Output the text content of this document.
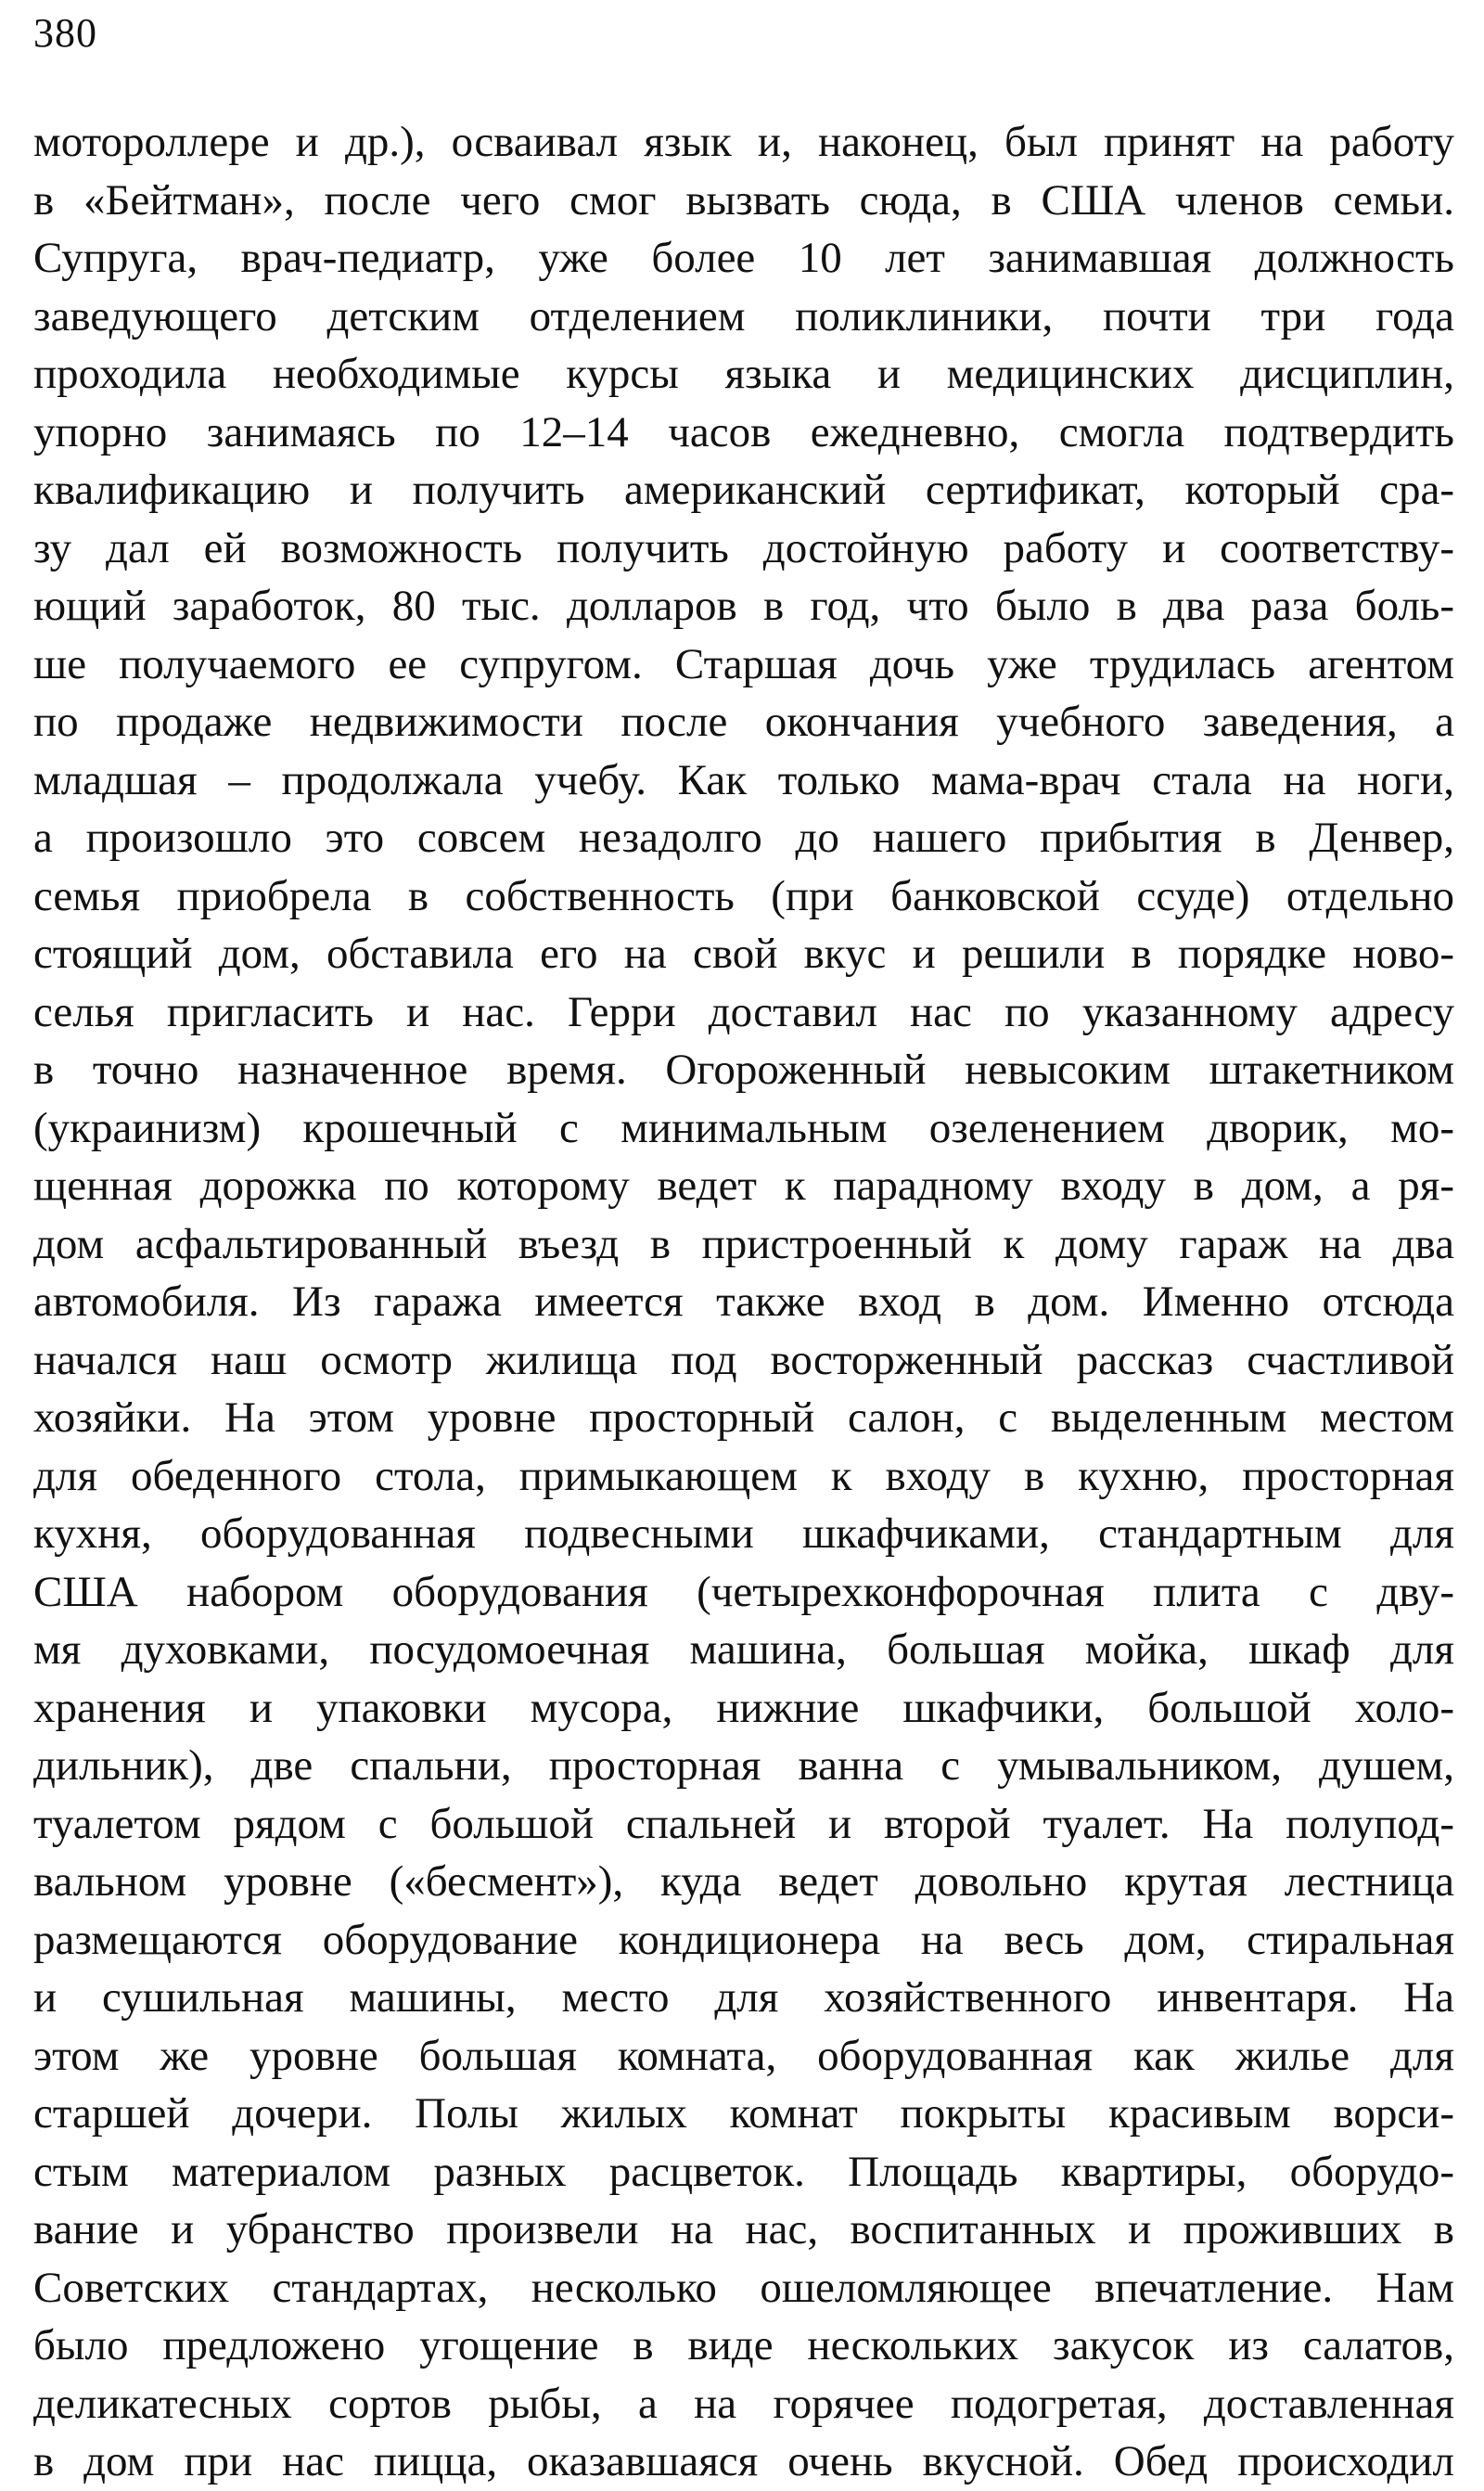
380
мотороллере и др.), осваивал язык и, наконец, был принят на работу
в «Бейтман», после чего смог вызвать сюда, в США членов семьи.
Супруга, врач-педиатр, уже более 10 лет занимавшая должность
заведующего детским отделением поликлиники, почти три года
проходила необходимые курсы языка и медицинских дисциплин,
упорно занимаясь по 12–14 часов ежедневно, смогла подтвердить
квалификацию и получить американский сертификат, который сра-
зу дал ей возможность получить достойную работу и соответству-
ющий заработок, 80 тыс. долларов в год, что было в два раза боль-
ше получаемого ее супругом. Старшая дочь уже трудилась агентом
по продаже недвижимости после окончания учебного заведения, а
младшая – продолжала учебу. Как только мама-врач стала на ноги,
а произошло это совсем незадолго до нашего прибытия в Денвер,
семья приобрела в собственность (при банковской ссуде) отдельно
стоящий дом, обставила его на свой вкус и решили в порядке ново-
селья пригласить и нас. Герри доставил нас по указанному адресу
в точно назначенное время. Огороженный невысоким штакетником
(украинизм) крошечный с минимальным озеленением дворик, мо-
щенная дорожка по которому ведет к парадному входу в дом, а ря-
дом асфальтированный въезд в пристроенный к дому гараж на два
автомобиля. Из гаража имеется также вход в дом. Именно отсюда
начался наш осмотр жилища под восторженный рассказ счастливой
хозяйки. На этом уровне просторный салон, с выделенным местом
для обеденного стола, примыкающем к входу в кухню, просторная
кухня, оборудованная подвесными шкафчиками, стандартным для
США набором оборудования (четырехконфорочная плита с дву-
мя духовками, посудомоечная машина, большая мойка, шкаф для
хранения и упаковки мусора, нижние шкафчики, большой холо-
дильник), две спальни, просторная ванна с умывальником, душем,
туалетом рядом с большой спальней и второй туалет. На полупод-
вальном уровне («бесмент»), куда ведет довольно крутая лестница
размещаются оборудование кондиционера на весь дом, стиральная
и сушильная машины, место для хозяйственного инвентаря. На
этом же уровне большая комната, оборудованная как жилье для
старшей дочери. Полы жилых комнат покрыты красивым ворси-
стым материалом разных расцветок. Площадь квартиры, оборудо-
вание и убранство произвели на нас, воспитанных и проживших в
Советских стандартах, несколько ошеломляющее впечатление. Нам
было предложено угощение в виде нескольких закусок из салатов,
деликатесных сортов рыбы, а на горячее подогретая, доставленная
в дом при нас пицца, оказавшаяся очень вкусной. Обед происходил
